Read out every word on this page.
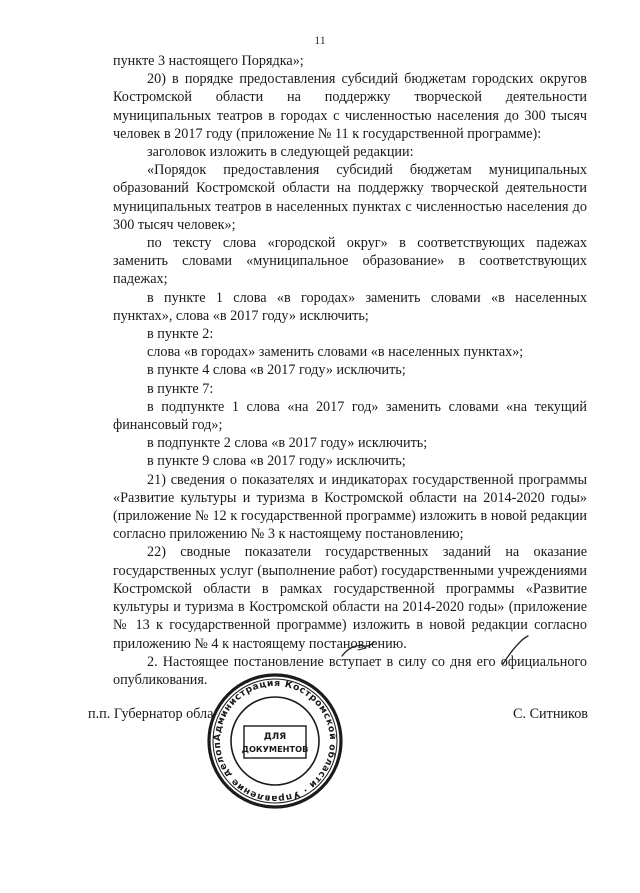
11

пункте 3 настоящего Порядка»;

20) в порядке предоставления субсидий бюджетам городских округов Костромской области на поддержку творческой деятельности муниципальных театров в городах с численностью населения до 300 тысяч человек в 2017 году (приложение № 11 к государственной программе):

заголовок изложить в следующей редакции:

«Порядок предоставления субсидий бюджетам муниципальных образований Костромской области на поддержку творческой деятельности муниципальных театров в населенных пунктах с численностью населения до 300 тысяч человек»;

по тексту слова «городской округ» в соответствующих падежах заменить словами «муниципальное образование» в соответствующих падежах;

в пункте 1 слова «в городах» заменить словами «в населенных пунктах», слова «в 2017 году» исключить;

в пункте 2:

слова «в городах» заменить словами «в населенных пунктах»;

в пункте 4 слова «в 2017 году» исключить;

в пункте 7:

в подпункте 1 слова «на 2017 год» заменить словами «на текущий финансовый год»;

в подпункте 2 слова «в 2017 году» исключить;

в пункте 9 слова «в 2017 году» исключить;

21) сведения о показателях и индикаторах государственной программы «Развитие культуры и туризма в Костромской области на 2014-2020 годы» (приложение № 12 к государственной программе) изложить в новой редакции согласно приложению № 3 к настоящему постановлению;

22) сводные показатели государственных заданий на оказание государственных услуг (выполнение работ) государственными учреждениями Костромской области в рамках государственной программы «Развитие культуры и туризма в Костромской области на 2014-2020 годы» (приложение № 13 к государственной программе) изложить в новой редакции согласно приложению № 4 к настоящему постановлению.

2. Настоящее постановление вступает в силу со дня его официального опубликования.

п.п. Губернатор обла	С. Ситников
Администрация Костромской области · Управление делоп
ДЛЯ
ДОКУМЕНТОВ
